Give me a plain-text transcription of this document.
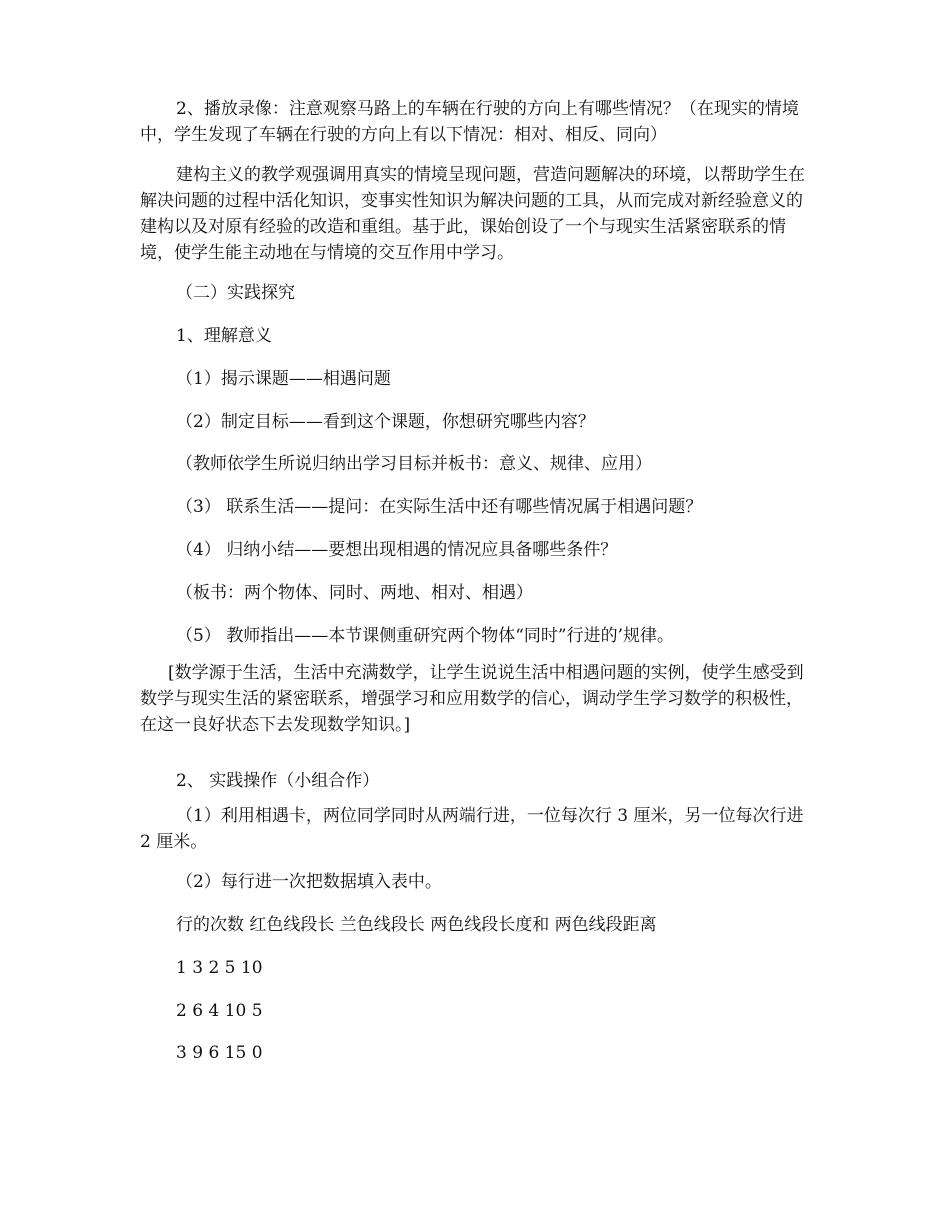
2、播放录像：注意观察马路上的车辆在行驶的方向上有哪些情况？（在现实的情境中，学生发现了车辆在行驶的方向上有以下情况：相对、相反、同向）

建构主义的教学观强调用真实的情境呈现问题，营造问题解决的环境，以帮助学生在解决问题的过程中活化知识，变事实性知识为解决问题的工具，从而完成对新经验意义的建构以及对原有经验的改造和重组。基于此，课始创设了一个与现实生活紧密联系的情境，使学生能主动地在与情境的交互作用中学习。

（二）实践探究

1、理解意义

（1）揭示课题——相遇问题

（2）制定目标——看到这个课题，你想研究哪些内容？

（教师依学生所说归纳出学习目标并板书：意义、规律、应用）

（3） 联系生活——提问：在实际生活中还有哪些情况属于相遇问题？

（4） 归纳小结——要想出现相遇的情况应具备哪些条件？

（板书：两个物体、同时、两地、相对、相遇）

（5） 教师指出——本节课侧重研究两个物体“同时”行进的’规律。

[数学源于生活，生活中充满数学，让学生说说生活中相遇问题的实例，使学生感受到数学与现实生活的紧密联系，增强学习和应用数学的信心，调动学生学习数学的积极性，在这一良好状态下去发现数学知识。]

2、 实践操作（小组合作）

（1）利用相遇卡，两位同学同时从两端行进，一位每次行 3 厘米，另一位每次行进 2 厘米。

（2）每行进一次把数据填入表中。

行的次数 红色线段长 兰色线段长 两色线段长度和 两色线段距离

1 3 2 5 10

2 6 4 10 5

3 9 6 15 0
